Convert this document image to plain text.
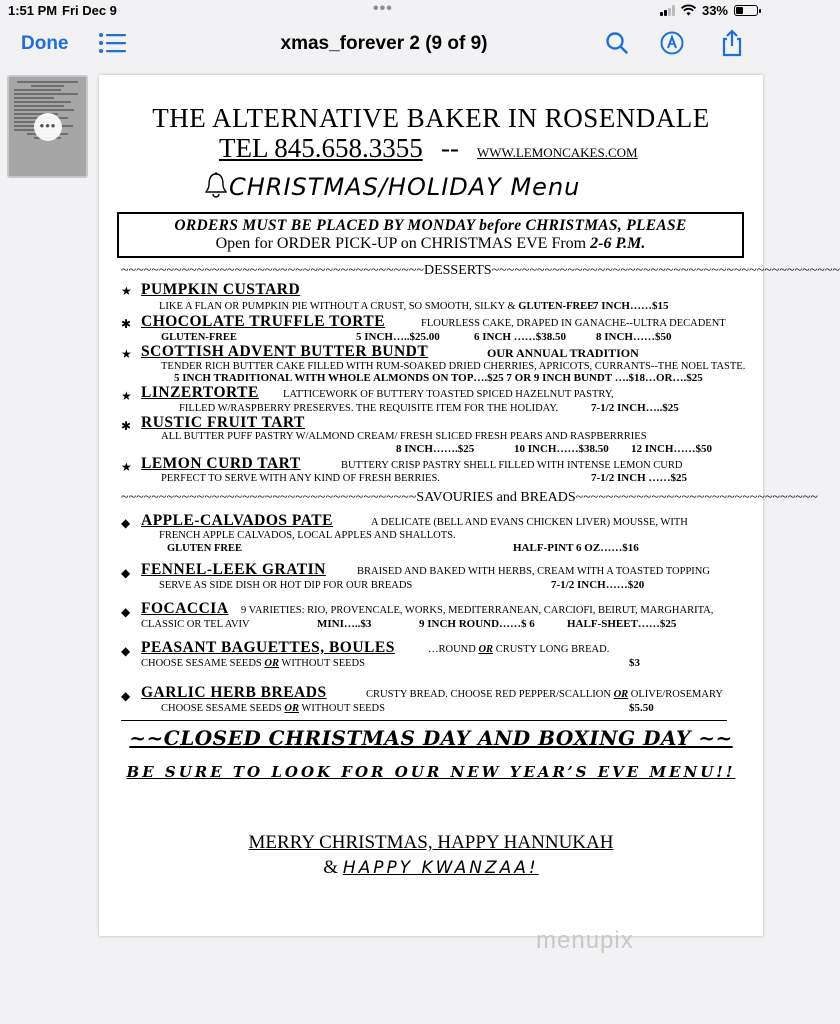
1:51 PM Fri Dec 9	•••	33%
Done	xmas_forever 2 (9 of 9)
•••	THE ALTERNATIVE BAKER IN ROSENDALE
TEL 845.658.3355 -- WWW.LEMONCAKES.COM
CHRISTMAS/HOLIDAY Menu
ORDERS MUST BE PLACED BY MONDAY before CHRISTMAS, PLEASE
Open for ORDER PICK-UP on CHRISTMAS EVE From 2-6 P.M.
~~~~~~~~~~~~~~~~~~~~~~~~~~~~~~~~~~~~~~~~DESSERTS~~~~~~~~~~~~~~~~~~~~~~~~~~~~~~~~~~~~~~~~~~~~~~
★ PUMPKIN CUSTARD
LIKE A FLAN OR PUMPKIN PIE WITHOUT A CRUST, SO SMOOTH, SILKY & GLUTEN-FREE
7 INCH……$15
✱ CHOCOLATE TRUFFLE TORTE	FLOURLESS CAKE, DRAPED IN GANACHE--ULTRA DECADENT
GLUTEN-FREE	5 INCH…..$25.00	6 INCH ……$38.50	8 INCH……$50
★ SCOTTISH ADVENT BUTTER BUNDT	OUR ANNUAL TRADITION
TENDER RICH BUTTER CAKE FILLED WITH RUM-SOAKED DRIED CHERRIES, APRICOTS, CURRANTS--THE NOEL TASTE.
5 INCH TRADITIONAL WITH WHOLE ALMONDS ON TOP….$25 7 OR 9 INCH BUNDT ….$18…OR….$25
★ LINZERTORTE LATTICEWORK OF BUTTERY TOASTED SPICED HAZELNUT PASTRY,
FILLED W/RASPBERRY PRESERVES. THE REQUISITE ITEM FOR THE HOLIDAY.	7-1/2 INCH…..$25
✱ RUSTIC FRUIT TART
ALL BUTTER PUFF PASTRY W/ALMOND CREAM/ FRESH SLICED FRESH PEARS AND RASPBERRRIES
8 INCH…….$25	10 INCH……$38.50 12 INCH……$50
★ LEMON CURD TART	BUTTERY CRISP PASTRY SHELL FILLED WITH INTENSE LEMON CURD
PERFECT TO SERVE WITH ANY KIND OF FRESH BERRIES.	7-1/2 INCH ……$25
~~~~~~~~~~~~~~~~~~~~~~~~~~~~~~~~~~~~~~~SAVOURIES and BREADS~~~~~~~~~~~~~~~~~~~~~~~~~~~~~~~~
◆ APPLE-CALVADOS PATE	A DELICATE (BELL AND EVANS CHICKEN LIVER) MOUSSE, WITH
FRENCH APPLE CALVADOS, LOCAL APPLES AND SHALLOTS.
GLUTEN FREE	HALF-PINT 6 OZ……$16
◆ FENNEL-LEEK GRATIN	BRAISED AND BAKED WITH HERBS, CREAM WITH A TOASTED TOPPING
SERVE AS SIDE DISH OR HOT DIP FOR OUR BREADS	7-1/2 INCH……$20
◆ FOCACCIA 9 VARIETIES: RIO, PROVENCALE, WORKS, MEDITERRANEAN, CARCIOFI, BEIRUT, MARGHARITA,
CLASSIC OR TEL AVIV	MINI…..$3	9 INCH ROUND……$ 6	HALF-SHEET……$25
◆ PEASANT BAGUETTES, BOULES	…ROUND OR CRUSTY LONG BREAD.
CHOOSE SESAME SEEDS OR WITHOUT SEEDS	$3
◆ GARLIC HERB BREADS	CRUSTY BREAD. CHOOSE RED PEPPER/SCALLION OR OLIVE/ROSEMARY
CHOOSE SESAME SEEDS OR WITHOUT SEEDS	$5.50
~~CLOSED CHRISTMAS DAY AND BOXING DAY ~~
BE SURE TO LOOK FOR OUR NEW YEAR’S EVE MENU!!
MERRY CHRISTMAS, HAPPY HANNUKAH
& HAPPY KWANZAA!
menupix
